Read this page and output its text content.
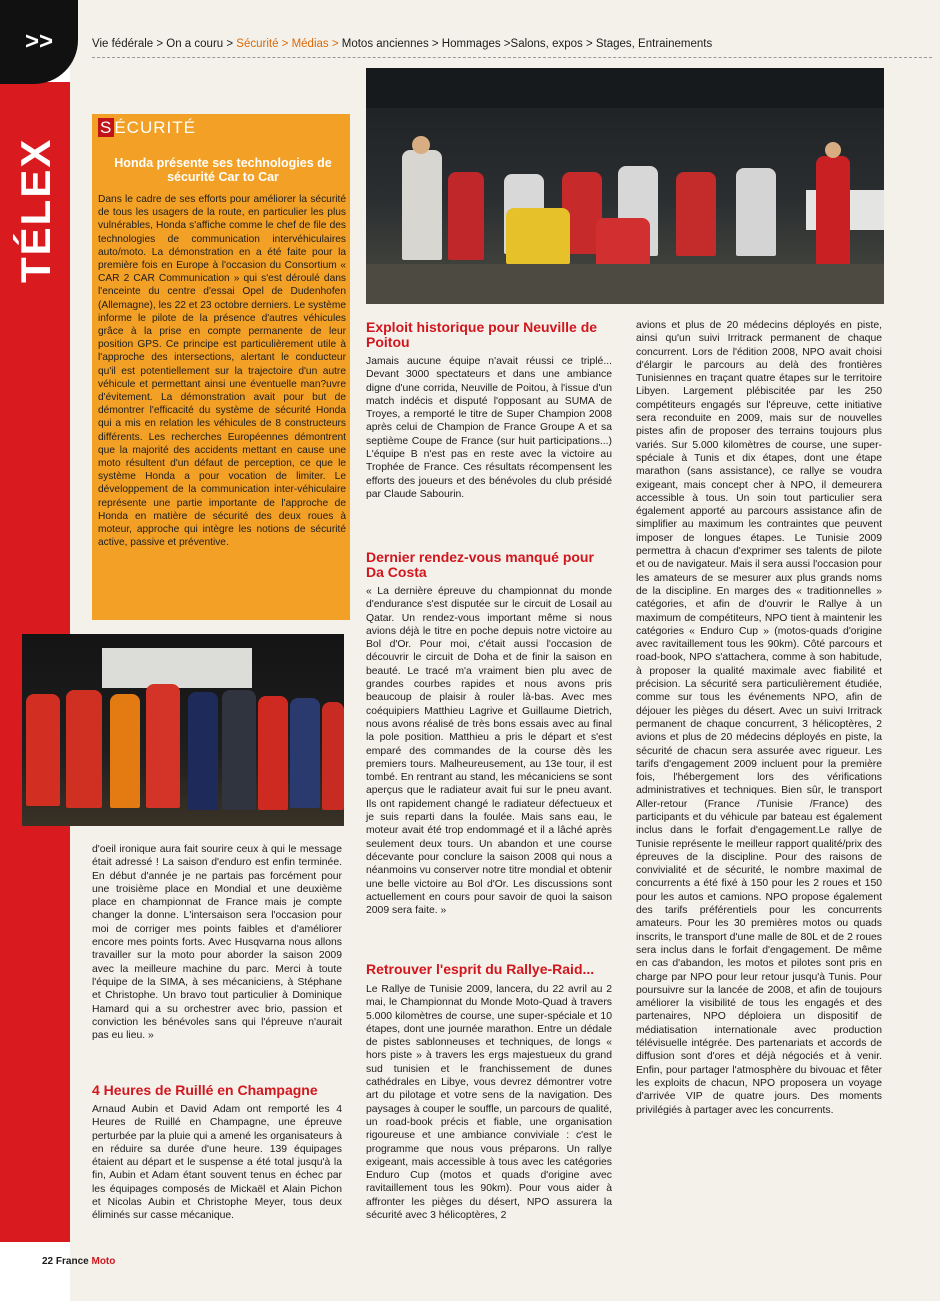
>>
TÉLEX
Vie fédérale > On a couru > Sécurité > Médias > Motos anciennes > Hommages >Salons, expos > Stages, Entrainements
S ÉCURITÉ
Honda présente ses technologies de sécurité Car to Car
Dans le cadre de ses efforts pour améliorer la sécurité de tous les usagers de la route, en particulier les plus vulnérables, Honda s'affiche comme le chef de file des technologies de communication intervéhiculaires auto/moto. La démonstration en a été faite pour la première fois en Europe à l'occasion du Consortium « CAR 2 CAR Communication » qui s'est déroulé dans l'enceinte du centre d'essai Opel de Dudenhofen (Allemagne), les 22 et 23 octobre derniers. Le système informe le pilote de la présence d'autres véhicules grâce à la prise en compte permanente de leur position GPS. Ce principe est particulièrement utile à l'approche des intersections, alertant le conducteur qu'il est potentiellement sur la trajectoire d'un autre véhicule et permettant ainsi une éventuelle man?uvre d'évitement. La démonstration avait pour but de démontrer l'efficacité du système de sécurité Honda qui a mis en relation les véhicules de 8 constructeurs différents. Les recherches Européennes démontrent que la majorité des accidents mettant en cause une moto résultent d'un défaut de perception, ce que le système Honda a pour vocation de limiter. Le développement de la communication inter-véhiculaire représente une partie importante de l'approche de Honda en matière de sécurité des deux roues à moteur, approche qui intègre les notions de sécurité active, passive et préventive.
d'oeil ironique aura fait sourire ceux à qui le message était adressé ! La saison d'enduro est enfin terminée. En début d'année je ne partais pas forcément pour une troisième place en Mondial et une deuxième place en championnat de France mais je compte changer la donne. L'intersaison sera l'occasion pour moi de corriger mes points faibles et d'améliorer encore mes points forts. Avec Husqvarna nous allons travailler sur la moto pour aborder la saison 2009 avec la meilleure machine du parc. Merci à toute l'équipe de la SIMA, à ses mécaniciens, à Stéphane et Christophe. Un bravo tout particulier à Dominique Hamard qui a su orchestrer avec brio, passion et conviction les bénévoles sans qui l'épreuve n'aurait pas eu lieu. »
4 Heures de Ruillé en Champagne
Arnaud Aubin et David Adam ont remporté les 4 Heures de Ruillé en Champagne, une épreuve perturbée par la pluie qui a amené les organisateurs à en réduire sa durée d'une heure. 139 équipages étaient au départ et le suspense a été total jusqu'à la fin, Aubin et Adam étant souvent tenus en échec par les équipages composés de Mickaël et Alain Pichon et Nicolas Aubin et Christophe Meyer, tous deux éliminés sur casse mécanique.
Exploit historique pour Neuville de Poitou
Jamais aucune équipe n'avait réussi ce triplé... Devant 3000 spectateurs et dans une ambiance digne d'une corrida, Neuville de Poitou, à l'issue d'un match indécis et disputé l'opposant au SUMA de Troyes, a remporté le titre de Super Champion 2008 après celui de Champion de France Groupe A et sa septième Coupe de France (sur huit participations...) L'équipe B n'est pas en reste avec la victoire au Trophée de France. Ces résultats récompensent les efforts des joueurs et des bénévoles du club présidé par Claude Sabourin.
Dernier rendez-vous manqué pour Da Costa
« La dernière épreuve du championnat du monde d'endurance s'est disputée sur le circuit de Losail au Qatar. Un rendez-vous important même si nous avions déjà le titre en poche depuis notre victoire au Bol d'Or. Pour moi, c'était aussi l'occasion de découvrir le circuit de Doha et de finir la saison en beauté. Le tracé m'a vraiment bien plu avec de grandes courbes rapides et nous avons pris beaucoup de plaisir à rouler là-bas. Avec mes coéquipiers Matthieu Lagrive et Guillaume Dietrich, nous avons réalisé de très bons essais avec au final la pole position. Matthieu a pris le départ et s'est emparé des commandes de la course dès les premiers tours. Malheureusement, au 13e tour, il est tombé. En rentrant au stand, les mécaniciens se sont aperçus que le radiateur avait fui sur le pneu avant. Ils ont rapidement changé le radiateur défectueux et je suis reparti dans la foulée. Mais sans eau, le moteur avait été trop endommagé et il a lâché après seulement deux tours. Un abandon et une course décevante pour conclure la saison 2008 qui nous a néanmoins vu conserver notre titre mondial et obtenir une belle victoire au Bol d'Or. Les discussions sont actuellement en cours pour savoir de quoi la saison 2009 sera faite. »
Retrouver l'esprit du Rallye-Raid...
Le Rallye de Tunisie 2009, lancera, du 22 avril au 2 mai, le Championnat du Monde Moto-Quad à travers 5.000 kilomètres de course, une super-spéciale et 10 étapes, dont une journée marathon. Entre un dédale de pistes sablonneuses et techniques, de longs « hors piste » à travers les ergs majestueux du grand sud tunisien et le franchissement de dunes cathédrales en Libye, vous devrez démontrer votre art du pilotage et votre sens de la navigation. Des paysages à couper le souffle, un parcours de qualité, un road-book précis et fiable, une organisation rigoureuse et une ambiance conviviale : c'est le programme que nous vous préparons. Un rallye exigeant, mais accessible à tous avec les catégories Enduro Cup (motos et quads d'origine avec ravitaillement tous les 90km). Pour vous aider à affronter les pièges du désert, NPO assurera la sécurité avec 3 hélicoptères, 2
avions et plus de 20 médecins déployés en piste, ainsi qu'un suivi Irritrack permanent de chaque concurrent. Lors de l'édition 2008, NPO avait choisi d'élargir le parcours au delà des frontières Tunisiennes en traçant quatre étapes sur le territoire Libyen. Largement plébiscitée par les 250 compétiteurs engagés sur l'épreuve, cette initiative sera reconduite en 2009, mais sur de nouvelles pistes afin de proposer des terrains toujours plus variés. Sur 5.000 kilomètres de course, une super-spéciale à Tunis et dix étapes, dont une étape marathon (sans assistance), ce rallye se voudra exigeant, mais concept cher à NPO, il demeurera accessible à tous. Un soin tout particulier sera également apporté au parcours assistance afin de simplifier au maximum les contraintes que peuvent imposer de longues étapes. Le Tunisie 2009 permettra à chacun d'exprimer ses talents de pilote et ou de navigateur. Mais il sera aussi l'occasion pour les amateurs de se mesurer aux plus grands noms de la discipline. En marges des « traditionnelles » catégories, et afin de d'ouvrir le Rallye à un maximum de compétiteurs, NPO tient à maintenir les catégories « Enduro Cup » (motos-quads d'origine avec ravitaillement tous les 90km). Côté parcours et road-book, NPO s'attachera, comme à son habitude, à proposer la qualité maximale avec fiabilité et précision. La sécurité sera particulièrement étudiée, comme sur tous les événements NPO, afin de déjouer les pièges du désert. Avec un suivi Irritrack permanent de chaque concurrent, 3 hélicoptères, 2 avions et plus de 20 médecins déployés en piste, la sécurité de chacun sera assurée avec rigueur. Les tarifs d'engagement 2009 incluent pour la première fois, l'hébergement lors des vérifications administratives et techniques. Bien sûr, le transport Aller-retour (France /Tunisie /France) des participants et du véhicule par bateau est également inclus dans le forfait d'engagement.Le rallye de Tunisie représente le meilleur rapport qualité/prix des épreuves de la discipline. Pour des raisons de convivialité et de sécurité, le nombre maximal de concurrents a été fixé à 150 pour les 2 roues et 150 pour les autos et camions. NPO propose également des tarifs préférentiels pour les concurrents amateurs. Pour les 30 premières motos ou quads inscrits, le transport d'une malle de 80L et de 2 roues sera inclus dans le forfait d'engagement. De même en cas d'abandon, les motos et pilotes sont pris en charge par NPO pour leur retour jusqu'à Tunis. Pour poursuivre sur la lancée de 2008, et afin de toujours améliorer la visibilité de tous les engagés et des partenaires, NPO déploiera un dispositif de médiatisation internationale avec production télévisuelle intégrée. Des partenariats et accords de diffusion sont d'ores et déjà négociés et à venir. Enfin, pour partager l'atmosphère du bivouac et fêter les exploits de chacun, NPO proposera un voyage d'arrivée VIP de quatre jours. Des moments privilégiés à partager avec les concurrents.
22 France Moto
